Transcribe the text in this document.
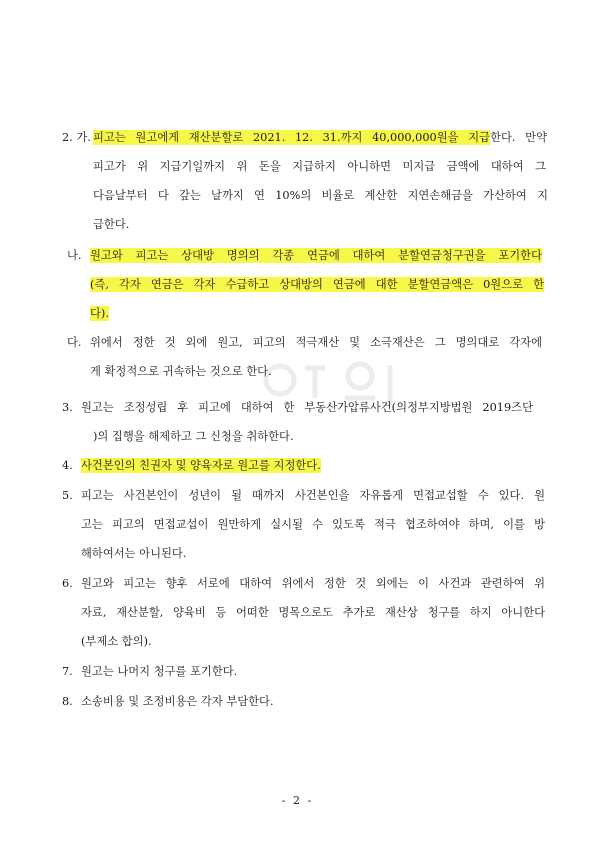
2. 가. 피고는 원고에게 재산분할로 2021. 12. 31.까지 40,000,000원을 지급한다. 만약
피고가 위 지급기일까지 위 돈을 지급하지 아니하면 미지급 금액에 대하여 그
다음날부터 다 갚는 날까지 연 10%의 비율로 계산한 지연손해금을 가산하여 지
급한다.
나. 원고와 피고는 상대방 명의의 각종 연금에 대하여 분할연금청구권을 포기한다
(즉, 각자 연금은 각자 수급하고 상대방의 연금에 대한 분할연금액은 0원으로 한
다).
다. 위에서 정한 것 외에 원고, 피고의 적극재산 및 소극재산은 그 명의대로 각자에
게 확정적으로 귀속하는 것으로 한다.
3. 원고는 조정성립 후 피고에 대하여 한 부동산가압류사건(의정부지방법원 2019즈단
)의 집행을 해제하고 그 신청을 취하한다.
4. 사건본인의 친권자 및 양육자로 원고를 지정한다.
5. 피고는 사건본인이 성년이 될 때까지 사건본인을 자유롭게 면접교섭할 수 있다. 원
고는 피고의 면접교섭이 원만하게 실시될 수 있도록 적극 협조하여야 하며, 이를 방
해하여서는 아니된다.
6. 원고와 피고는 향후 서로에 대하여 위에서 정한 것 외에는 이 사건과 관련하여 위
자료, 재산분할, 양육비 등 어떠한 명목으로도 추가로 재산상 청구를 하지 아니한다
(부제소 합의).
7. 원고는 나머지 청구를 포기한다.
8. 소송비용 및 조정비용은 각자 부담한다.
- 2 -
